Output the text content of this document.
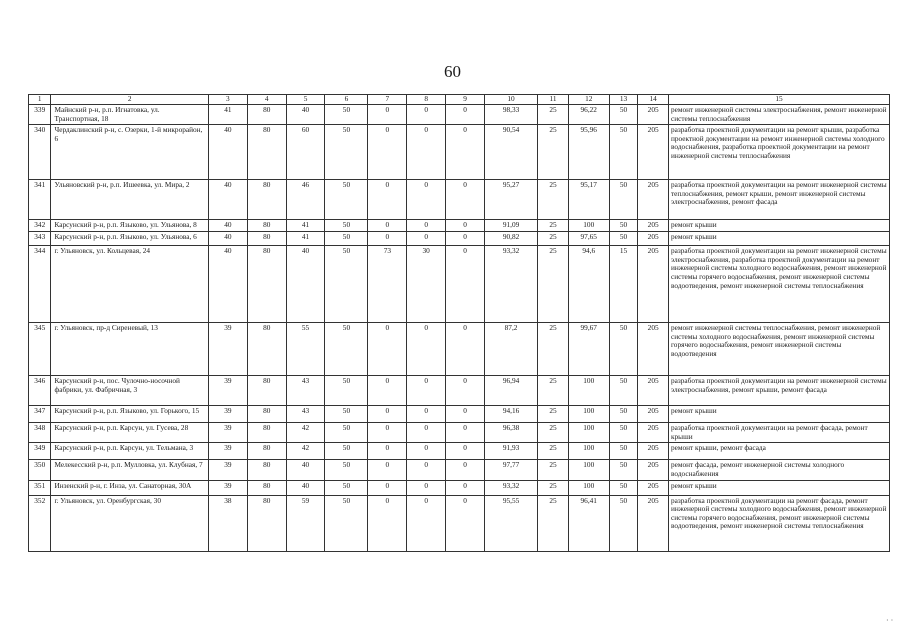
60
1	2	3	4	5	6	7	8	9	10	11	12	13	14	15
339	Майнский р-н, р.п. Игнатовка, ул. Транспортная, 18	41	80	40	50	0	0	0	98,33	25	96,22	50	205	ремонт инженерной системы электроснабжения, ремонт инженерной системы теплоснабжения
340	Чердаклинский р-н, с. Озерки, 1-й микрорайон, 6	40	80	60	50	0	0	0	90,54	25	95,96	50	205	разработка проектной документации на ремонт крыши, разработка проектной документации на ремонт инженерной системы холодного водоснабжения, разработка проектной документации на ремонт инженерной системы теплоснабжения
341	Ульяновский р-н, р.п. Ишеевка, ул. Мира, 2	40	80	46	50	0	0	0	95,27	25	95,17	50	205	разработка проектной документации на ремонт инженерной системы теплоснабжения, ремонт крыши, ремонт инженерной системы электроснабжения, ремонт фасада
342	Карсунский р-н, р.п. Языково, ул. Ульянова, 8	40	80	41	50	0	0	0	91,09	25	100	50	205	ремонт крыши
343	Карсунский р-н, р.п. Языково, ул. Ульянова, 6	40	80	41	50	0	0	0	90,82	25	97,65	50	205	ремонт крыши
344	г. Ульяновск, ул. Кольцевая, 24	40	80	40	50	73	30	0	93,32	25	94,6	15	205	разработка проектной документации на ремонт инженерной системы электроснабжения, разработка проектной документации на ремонт инженерной системы холодного водоснабжения, ремонт инженерной системы горячего водоснабжения, ремонт инженерной системы водоотведения, ремонт инженерной системы теплоснабжения
345	г. Ульяновск, пр-д Сиреневый, 13	39	80	55	50	0	0	0	87,2	25	99,67	50	205	ремонт инженерной системы теплоснабжения, ремонт инженерной системы холодного водоснабжения, ремонт инженерной системы горячего водоснабжения, ремонт инженерной системы водоотведения
346	Карсунский р-н, пос. Чулочно-носочной фабрики, ул. Фабричная, 3	39	80	43	50	0	0	0	96,94	25	100	50	205	разработка проектной документации на ремонт инженерной системы электроснабжения, ремонт крыши, ремонт фасада
347	Карсунский р-н, р.п. Языково, ул. Горького, 15	39	80	43	50	0	0	0	94,16	25	100	50	205	ремонт крыши
348	Карсунский р-н, р.п. Карсун, ул. Гусева, 28	39	80	42	50	0	0	0	96,38	25	100	50	205	разработка проектной документации на ремонт фасада, ремонт крыши
349	Карсунский р-н, р.п. Карсун, ул. Тельмана, 3	39	80	42	50	0	0	0	91,93	25	100	50	205	ремонт крыши, ремонт фасада
350	Мелекесский р-н, р.п. Мулловка, ул. Клубная, 7	39	80	40	50	0	0	0	97,77	25	100	50	205	ремонт фасада, ремонт инженерной системы холодного водоснабжения
351	Инзенский р-н, г. Инза, ул. Санаторная, 30А	39	80	40	50	0	0	0	93,32	25	100	50	205	ремонт крыши
352	г. Ульяновск, ул. Оренбургская, 30	38	80	59	50	0	0	0	95,55	25	96,41	50	205	разработка проектной документации на ремонт фасада, ремонт инженерной системы холодного водоснабжения, ремонт инженерной системы горячего водоснабжения, ремонт инженерной системы водоотведения, ремонт инженерной системы теплоснабжения
· ·
